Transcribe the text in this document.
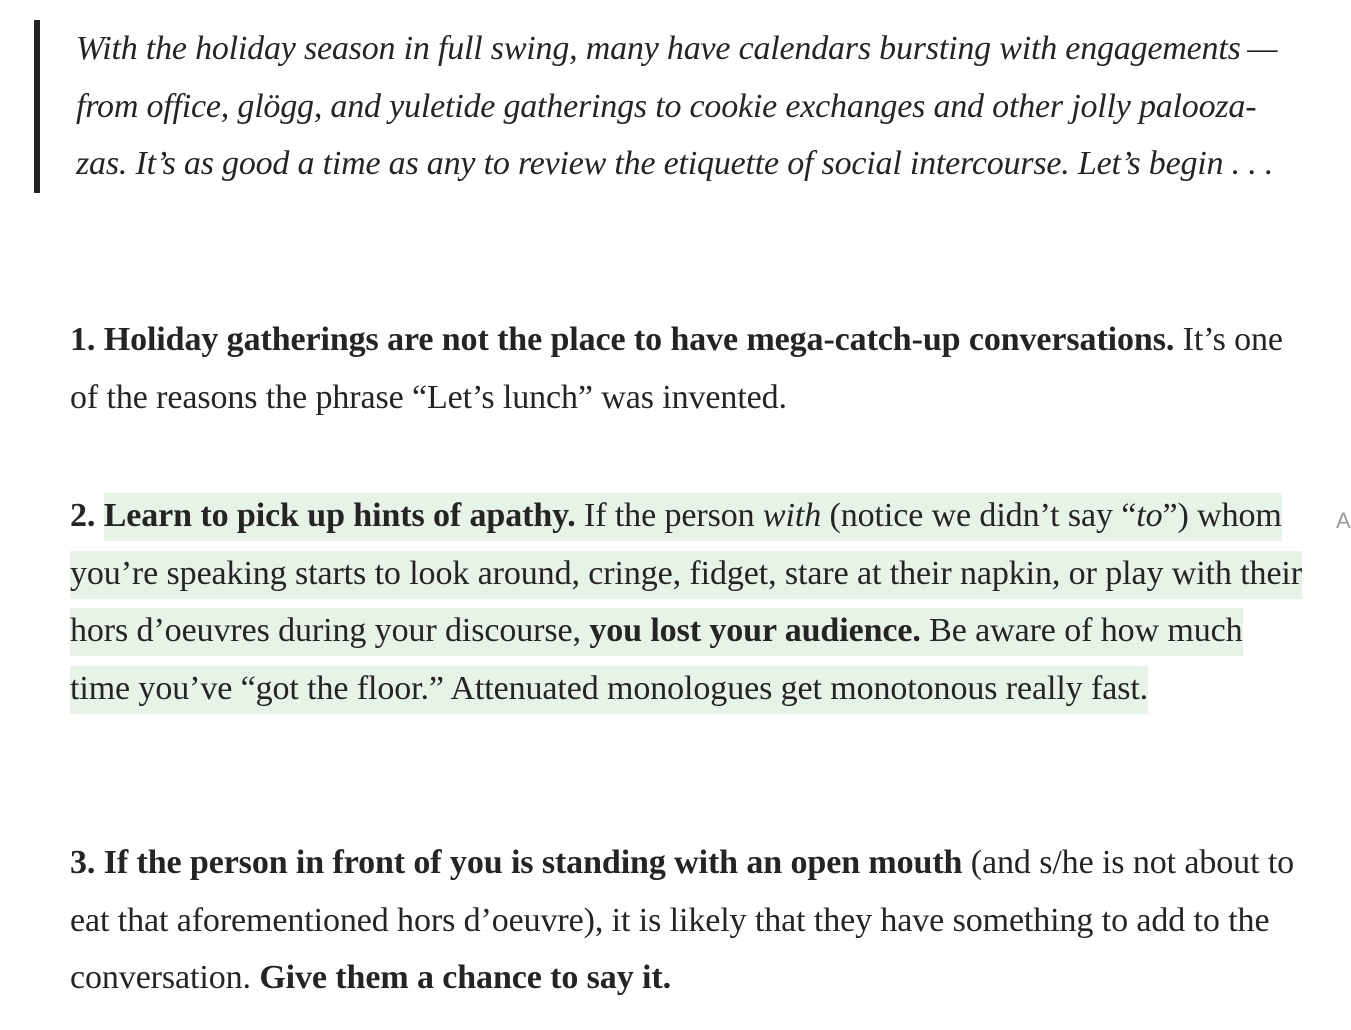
With the holiday season in full swing, many have calendars bursting with engagements — from office, glögg, and yuletide gatherings to cookie exchanges and other jolly paloozazas. It’s as good a time as any to review the etiquette of social intercourse. Let’s begin . . .

1. Holiday gatherings are not the place to have mega-catch-up conversations. It’s one of the reasons the phrase “Let’s lunch” was invented.

2. Learn to pick up hints of apathy. If the person with (notice we didn’t say “to”) whom you’re speaking starts to look around, cringe, fidget, stare at their napkin, or play with their hors d’oeuvres during your discourse, you lost your audience. Be aware of how much time you’ve “got the floor.” Attenuated monologues get monotonous really fast.

3. If the person in front of you is standing with an open mouth (and s/he is not about to eat that aforementioned hors d’oeuvre), it is likely that they have something to add to the conversation. Give them a chance to say it.

A
